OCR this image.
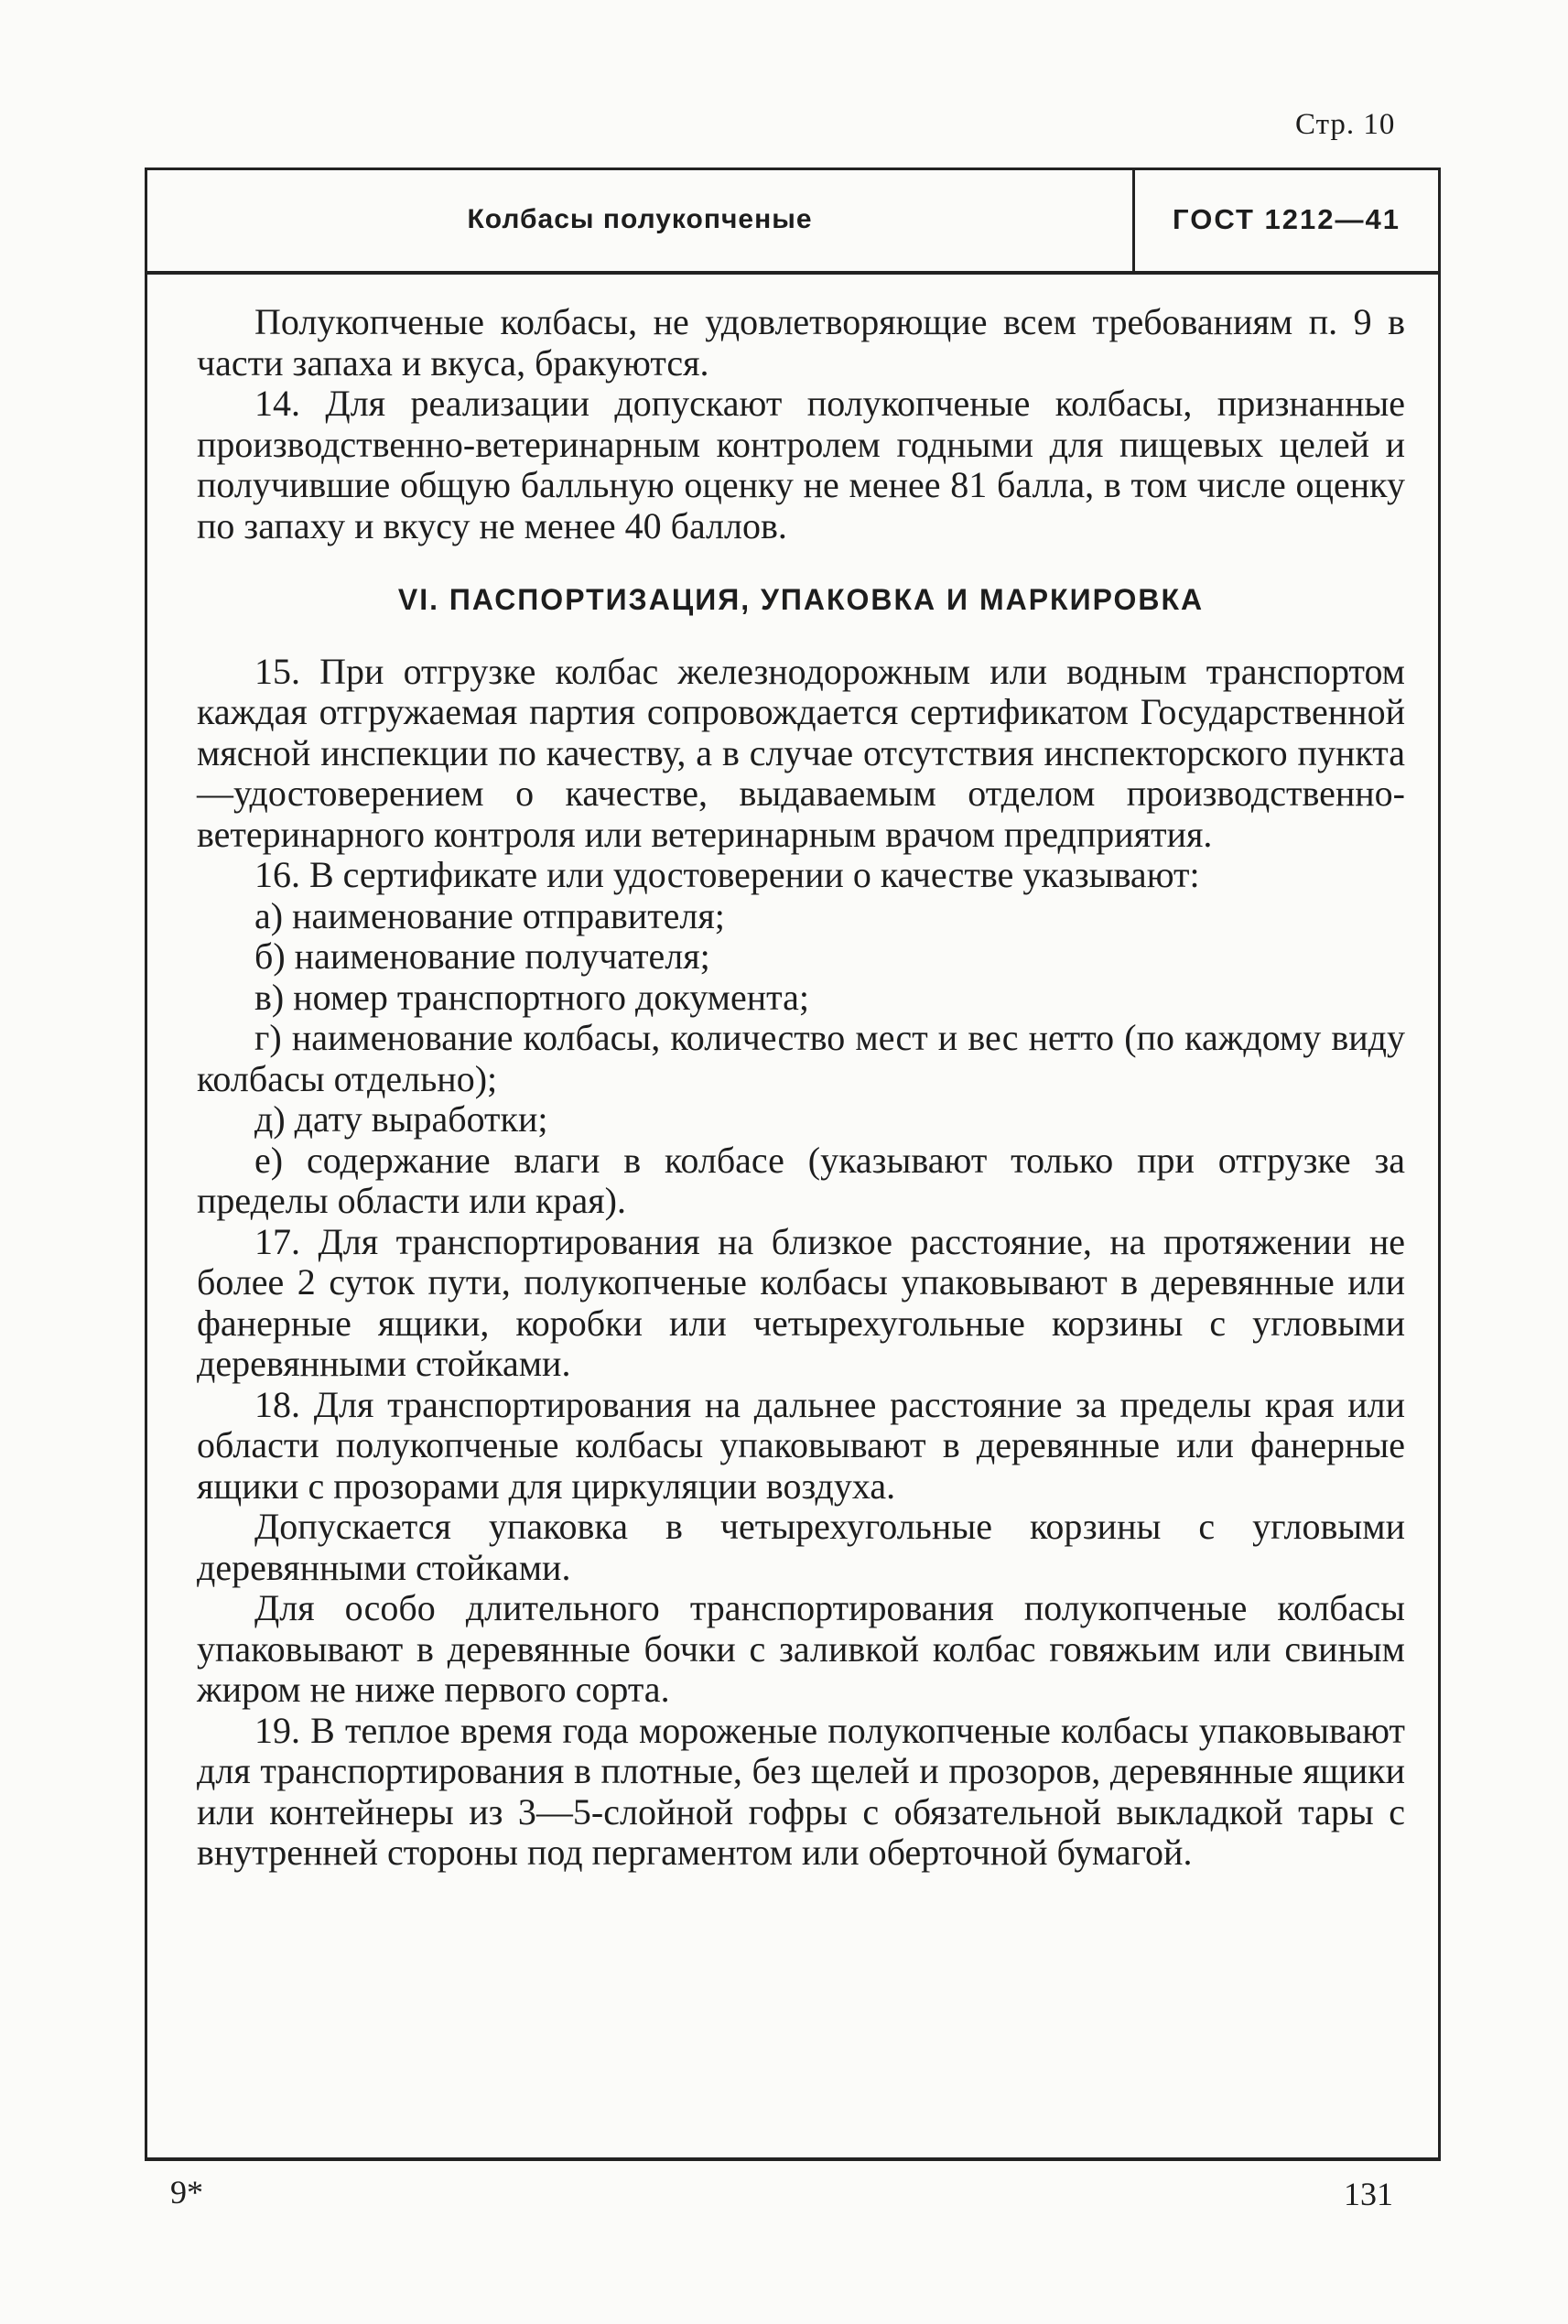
Стр. 10
Колбасы полукопченые	ГОСТ 1212—41

Полукопченые колбасы, не удовлетворяющие всем требованиям п. 9 в части запаха и вкуса, бракуются.

14. Для реализации допускают полукопченые колбасы, признанные производственно-ветеринарным контролем годными для пищевых целей и получившие общую балльную оценку не менее 81 балла, в том числе оценку по запаху и вкусу не менее 40 баллов.

VI. ПАСПОРТИЗАЦИЯ, УПАКОВКА И МАРКИРОВКА

15. При отгрузке колбас железнодорожным или водным транспортом каждая отгружаемая партия сопровождается сертификатом Государственной мясной инспекции по качеству, а в случае отсутствия инспекторского пункта—удостоверением о качестве, выдаваемым отделом производственно-ветеринарного контроля или ветеринарным врачом предприятия.

16. В сертификате или удостоверении о качестве указывают:

а) наименование отправителя;

б) наименование получателя;

в) номер транспортного документа;

г) наименование колбасы, количество мест и вес нетто (по каждому виду колбасы отдельно);

д) дату выработки;

е) содержание влаги в колбасе (указывают только при отгрузке за пределы области или края).

17. Для транспортирования на близкое расстояние, на протяжении не более 2 суток пути, полукопченые колбасы упаковывают в деревянные или фанерные ящики, коробки или четырехугольные корзины с угловыми деревянными стойками.

18. Для транспортирования на дальнее расстояние за пределы края или области полукопченые колбасы упаковывают в деревянные или фанерные ящики с прозорами для циркуляции воздуха.

Допускается упаковка в четырехугольные корзины с угловыми деревянными стойками.

Для особо длительного транспортирования полукопченые колбасы упаковывают в деревянные бочки с заливкой колбас говяжьим или свиным жиром не ниже первого сорта.

19. В теплое время года мороженые полукопченые колбасы упаковывают для транспортирования в плотные, без щелей и прозоров, деревянные ящики или контейнеры из 3—5-слойной гофры с обязательной выкладкой тары с внутренней стороны под пергаментом или оберточной бумагой.

9*	131
